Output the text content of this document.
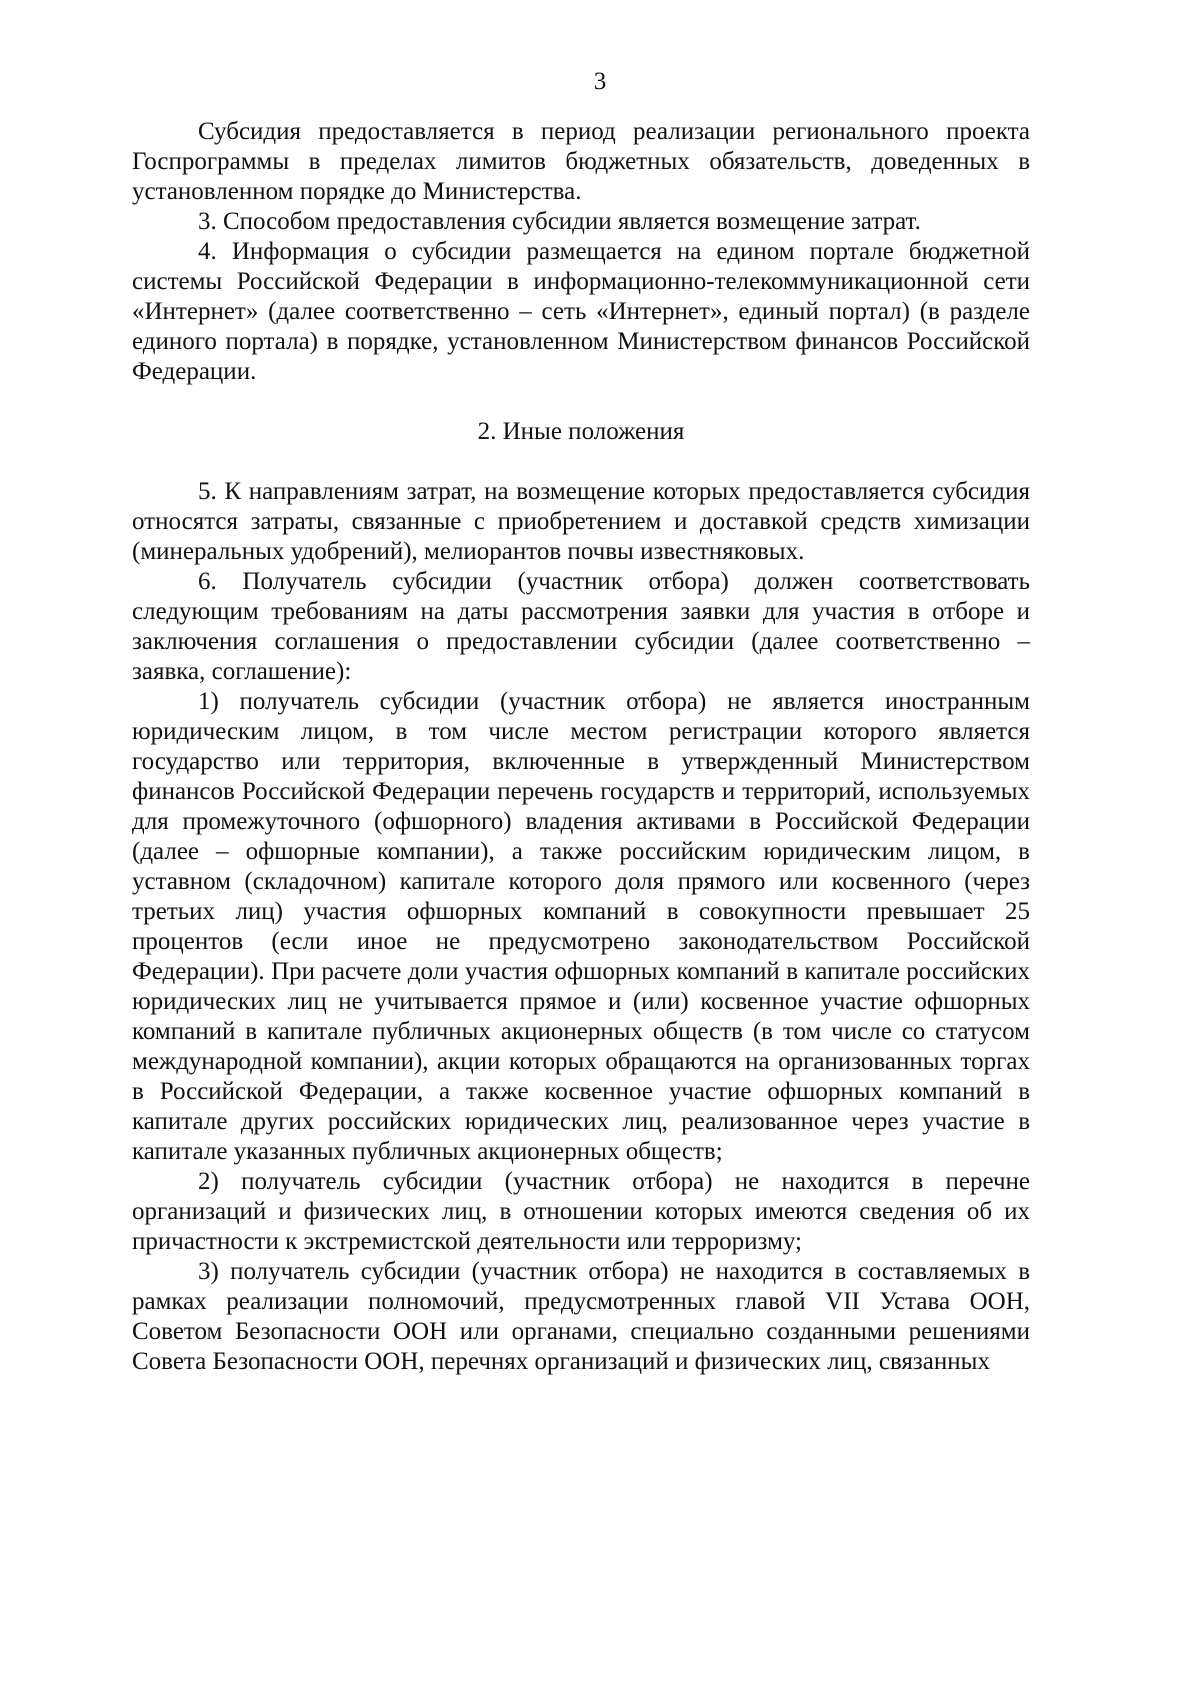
3

Субсидия предоставляется в период реализации регионального проекта Госпрограммы в пределах лимитов бюджетных обязательств, доведенных в установленном порядке до Министерства.

3. Способом предоставления субсидии является возмещение затрат.

4. Информация о субсидии размещается на едином портале бюджетной системы Российской Федерации в информационно-телекоммуникационной сети «Интернет» (далее соответственно – сеть «Интернет», единый портал) (в разделе единого портала) в порядке, установленном Министерством финансов Российской Федерации.

2. Иные положения

5. К направлениям затрат, на возмещение которых предоставляется субсидия относятся затраты, связанные с приобретением и доставкой средств химизации (минеральных удобрений), мелиорантов почвы известняковых.

6. Получатель субсидии (участник отбора) должен соответствовать следующим требованиям на даты рассмотрения заявки для участия в отборе и заключения соглашения о предоставлении субсидии (далее соответственно – заявка, соглашение):

1) получатель субсидии (участник отбора) не является иностранным юридическим лицом, в том числе местом регистрации которого является государство или территория, включенные в утвержденный Министерством финансов Российской Федерации перечень государств и территорий, используемых для промежуточного (офшорного) владения активами в Российской Федерации (далее – офшорные компании), а также российским юридическим лицом, в уставном (складочном) капитале которого доля прямого или косвенного (через третьих лиц) участия офшорных компаний в совокупности превышает 25 процентов (если иное не предусмотрено законодательством Российской Федерации). При расчете доли участия офшорных компаний в капитале российских юридических лиц не учитывается прямое и (или) косвенное участие офшорных компаний в капитале публичных акционерных обществ (в том числе со статусом международной компании), акции которых обращаются на организованных торгах в Российской Федерации, а также косвенное участие офшорных компаний в капитале других российских юридических лиц, реализованное через участие в капитале указанных публичных акционерных обществ;

2) получатель субсидии (участник отбора) не находится в перечне организаций и физических лиц, в отношении которых имеются сведения об их причастности к экстремистской деятельности или терроризму;

3) получатель субсидии (участник отбора) не находится в составляемых в рамках реализации полномочий, предусмотренных главой VII Устава ООН, Советом Безопасности ООН или органами, специально созданными решениями Совета Безопасности ООН, перечнях организаций и физических лиц, связанных
